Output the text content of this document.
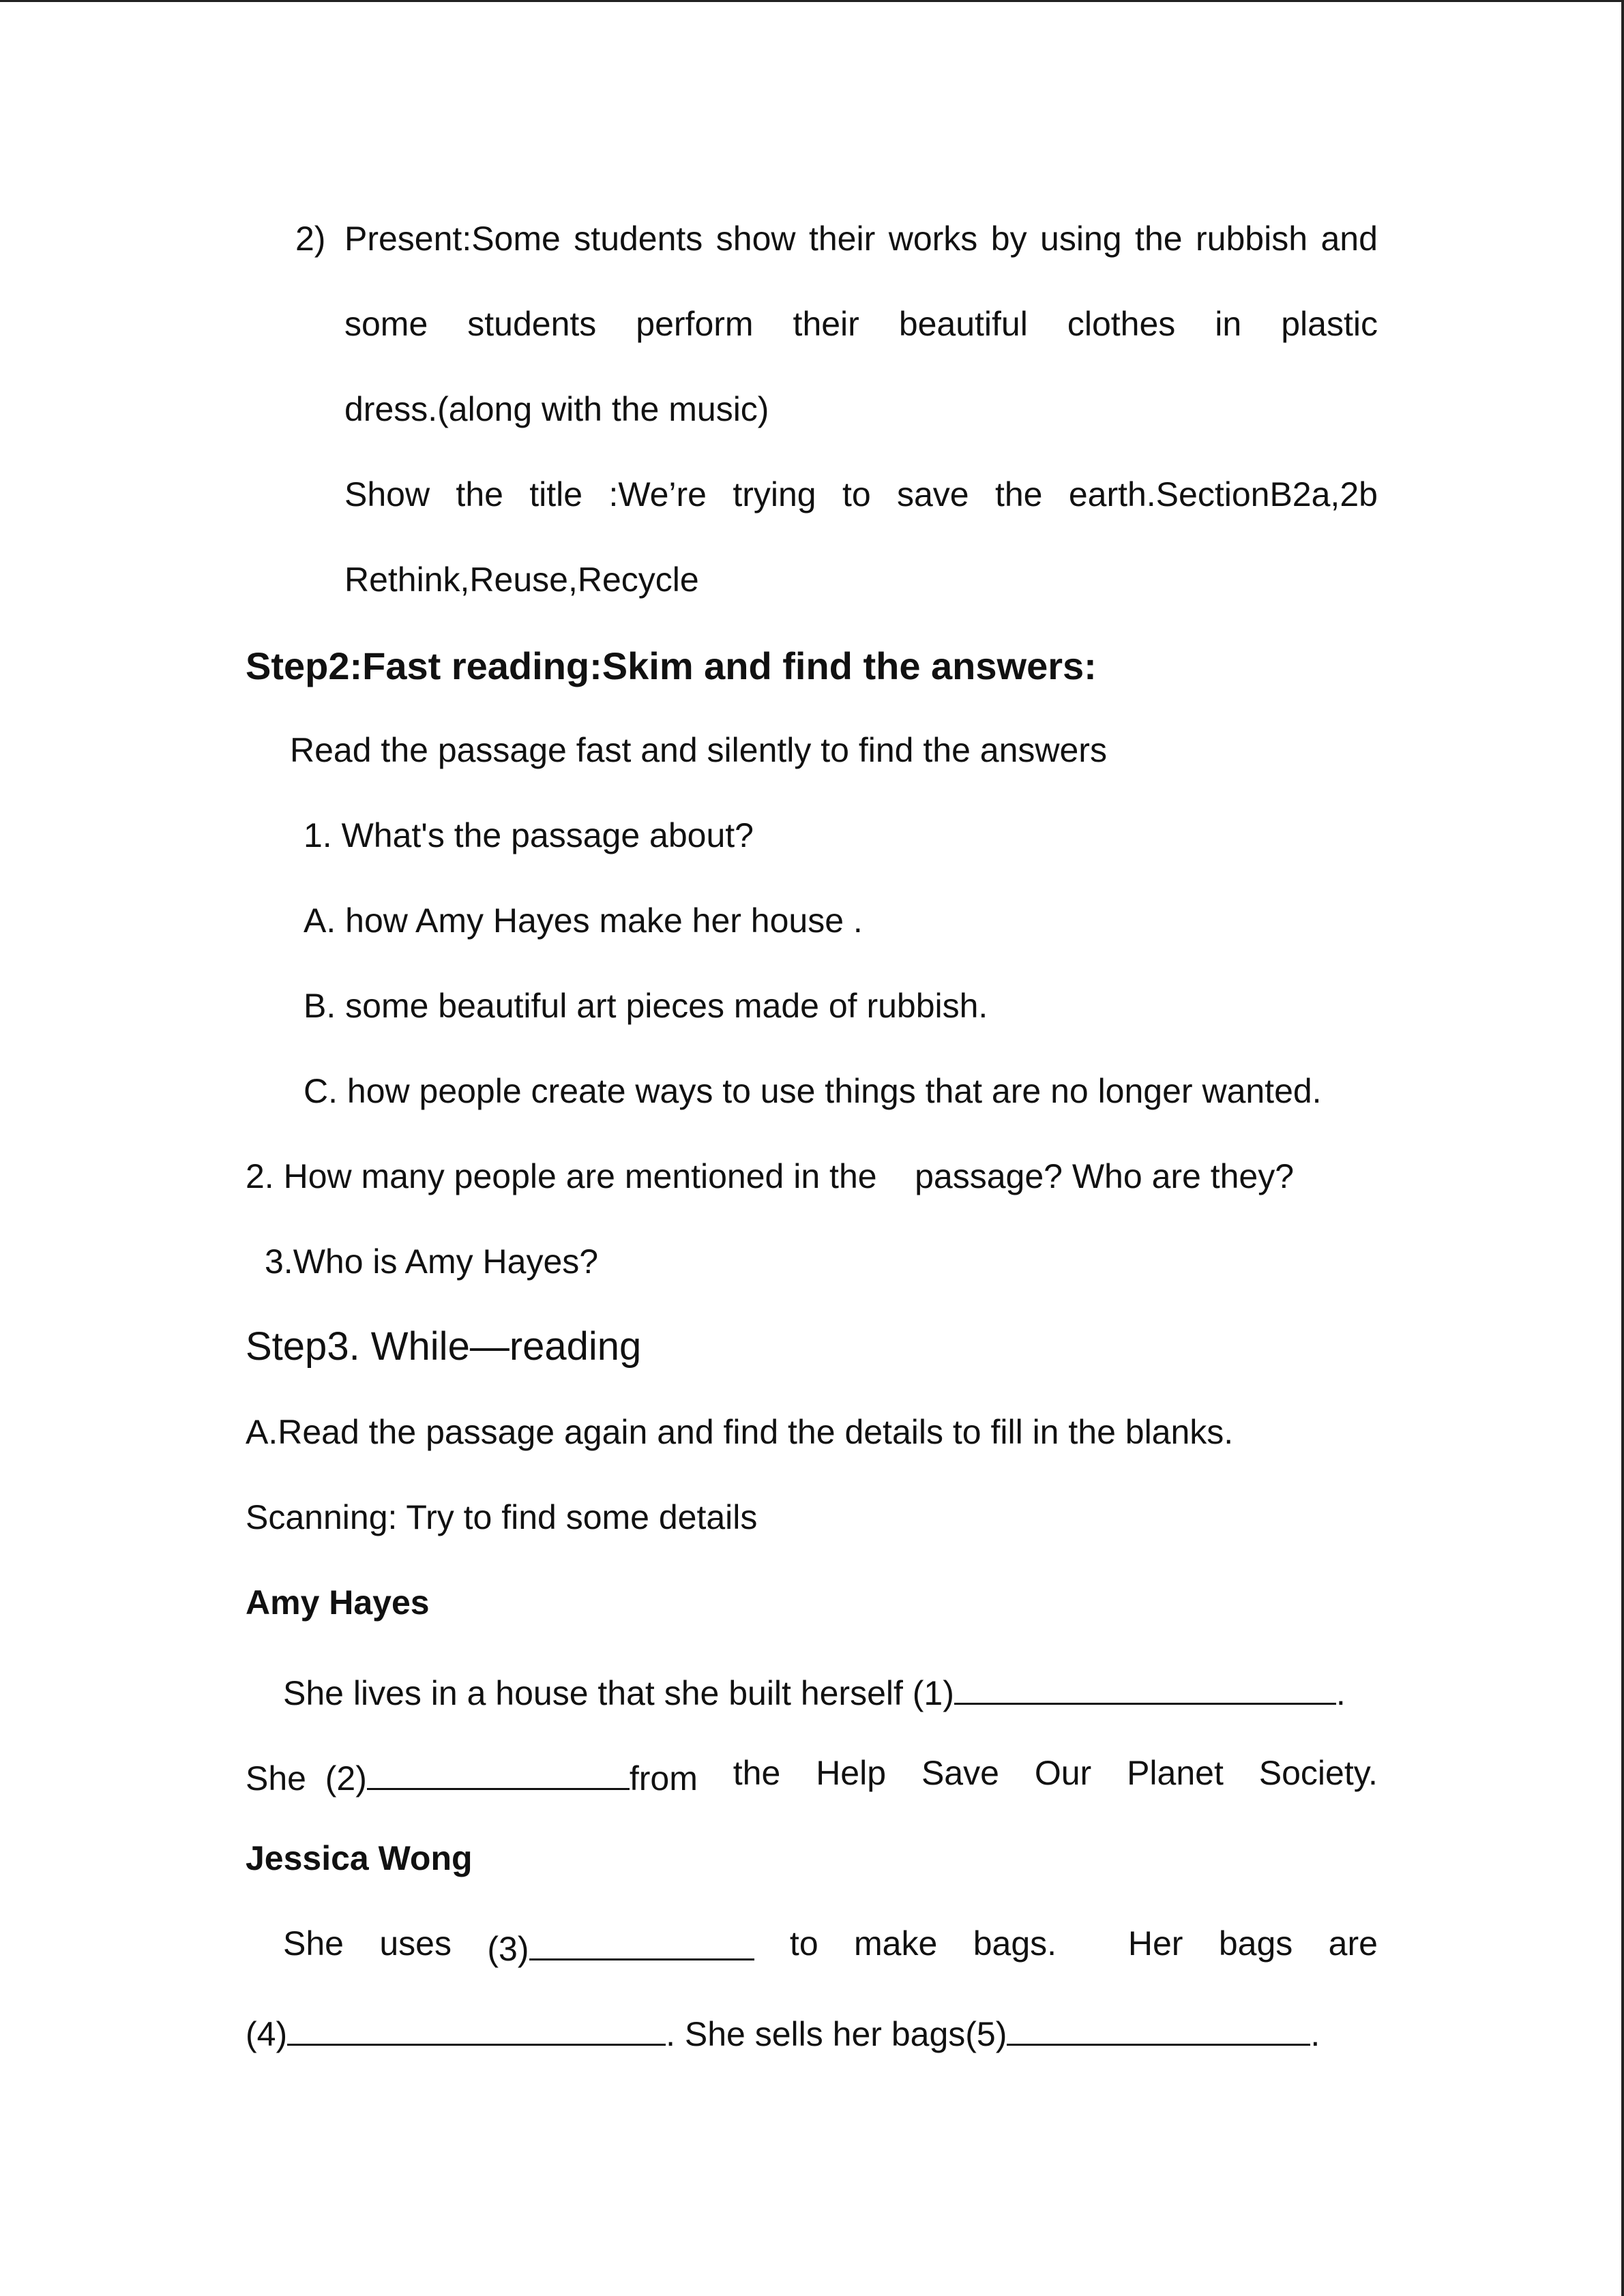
2) Present:Some students show their works by using the rubbish and
some students perform their beautiful clothes in plastic
dress.(along with the music)
Show the title :We’re trying to save the earth.SectionB2a,2b
Rethink,Reuse,Recycle
Step2:Fast reading:Skim and find the answers:
Read the passage fast and silently to find the answers
1. What's the passage about?
A. how Amy Hayes make her house .
B. some beautiful art pieces made of rubbish.
C. how people create ways to use things that are no longer wanted.
2. How many people are mentioned in the    passage? Who are they?
3.Who is Amy Hayes?
Step3. While—reading
A.Read the passage again and find the details to fill in the blanks.
Scanning: Try to find some details
Amy Hayes
She lives in a house that she built herself (1)	.
She  (2)	from the Help Save Our Planet Society.
Jessica Wong
She uses (3)	to make bags. Her bags are
(4)	. She sells her bags(5)	.
